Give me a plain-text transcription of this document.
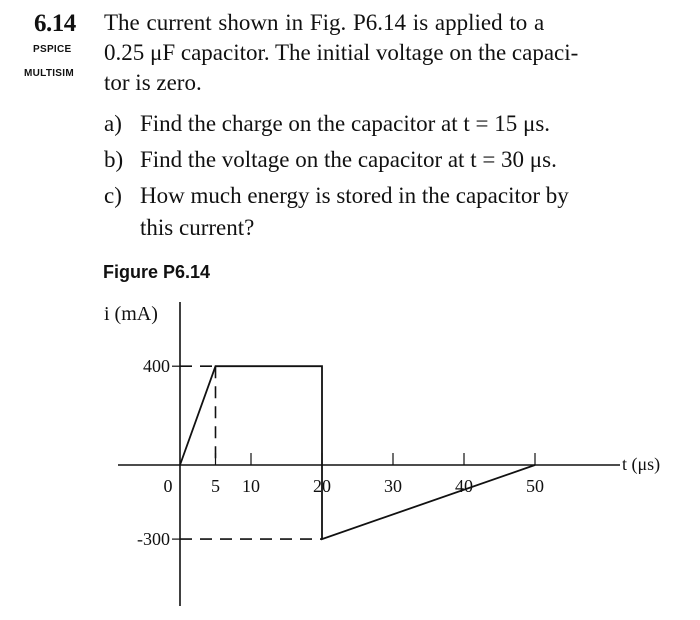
6.14
PSPICE
MULTISIM
The current shown in Fig. P6.14 is applied to a
0.25 μF capacitor. The initial voltage on the capaci-
tor is zero.
a) Find the charge on the capacitor at t = 15 μs.
b) Find the voltage on the capacitor at t = 30 μs.
c) How much energy is stored in the capacitor by
this current?
Figure P6.14
0 5 10	20	30	40	50
400
-300
i (mA)
t (μs)
